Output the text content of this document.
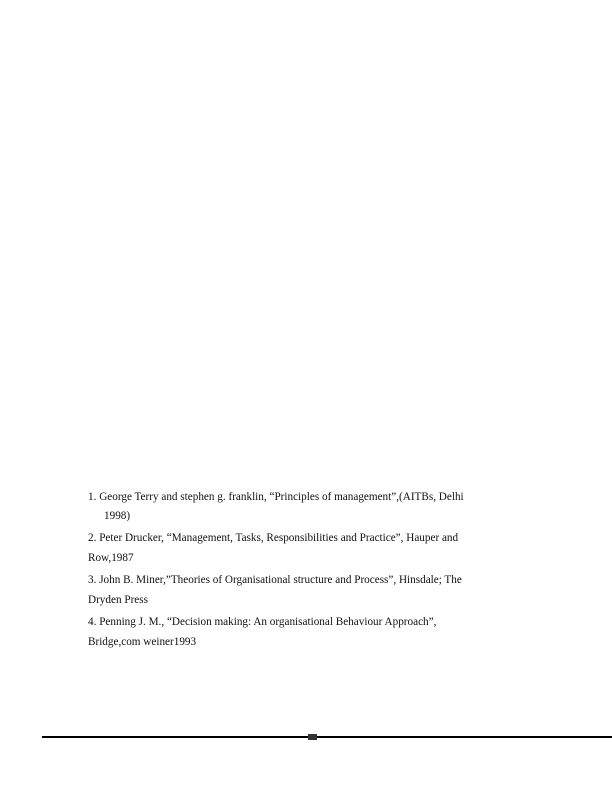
1. George Terry and stephen g. franklin, “Principles of management”,(AITBs, Delhi
1998)
2. Peter Drucker, “Management, Tasks, Responsibilities and Practice”, Hauper and
Row,1987
3. John B. Miner,”Theories of Organisational structure and Process”, Hinsdale; The
Dryden Press
4. Penning J. M., “Decision making: An organisational Behaviour Approach”,
Bridge,com weiner1993
